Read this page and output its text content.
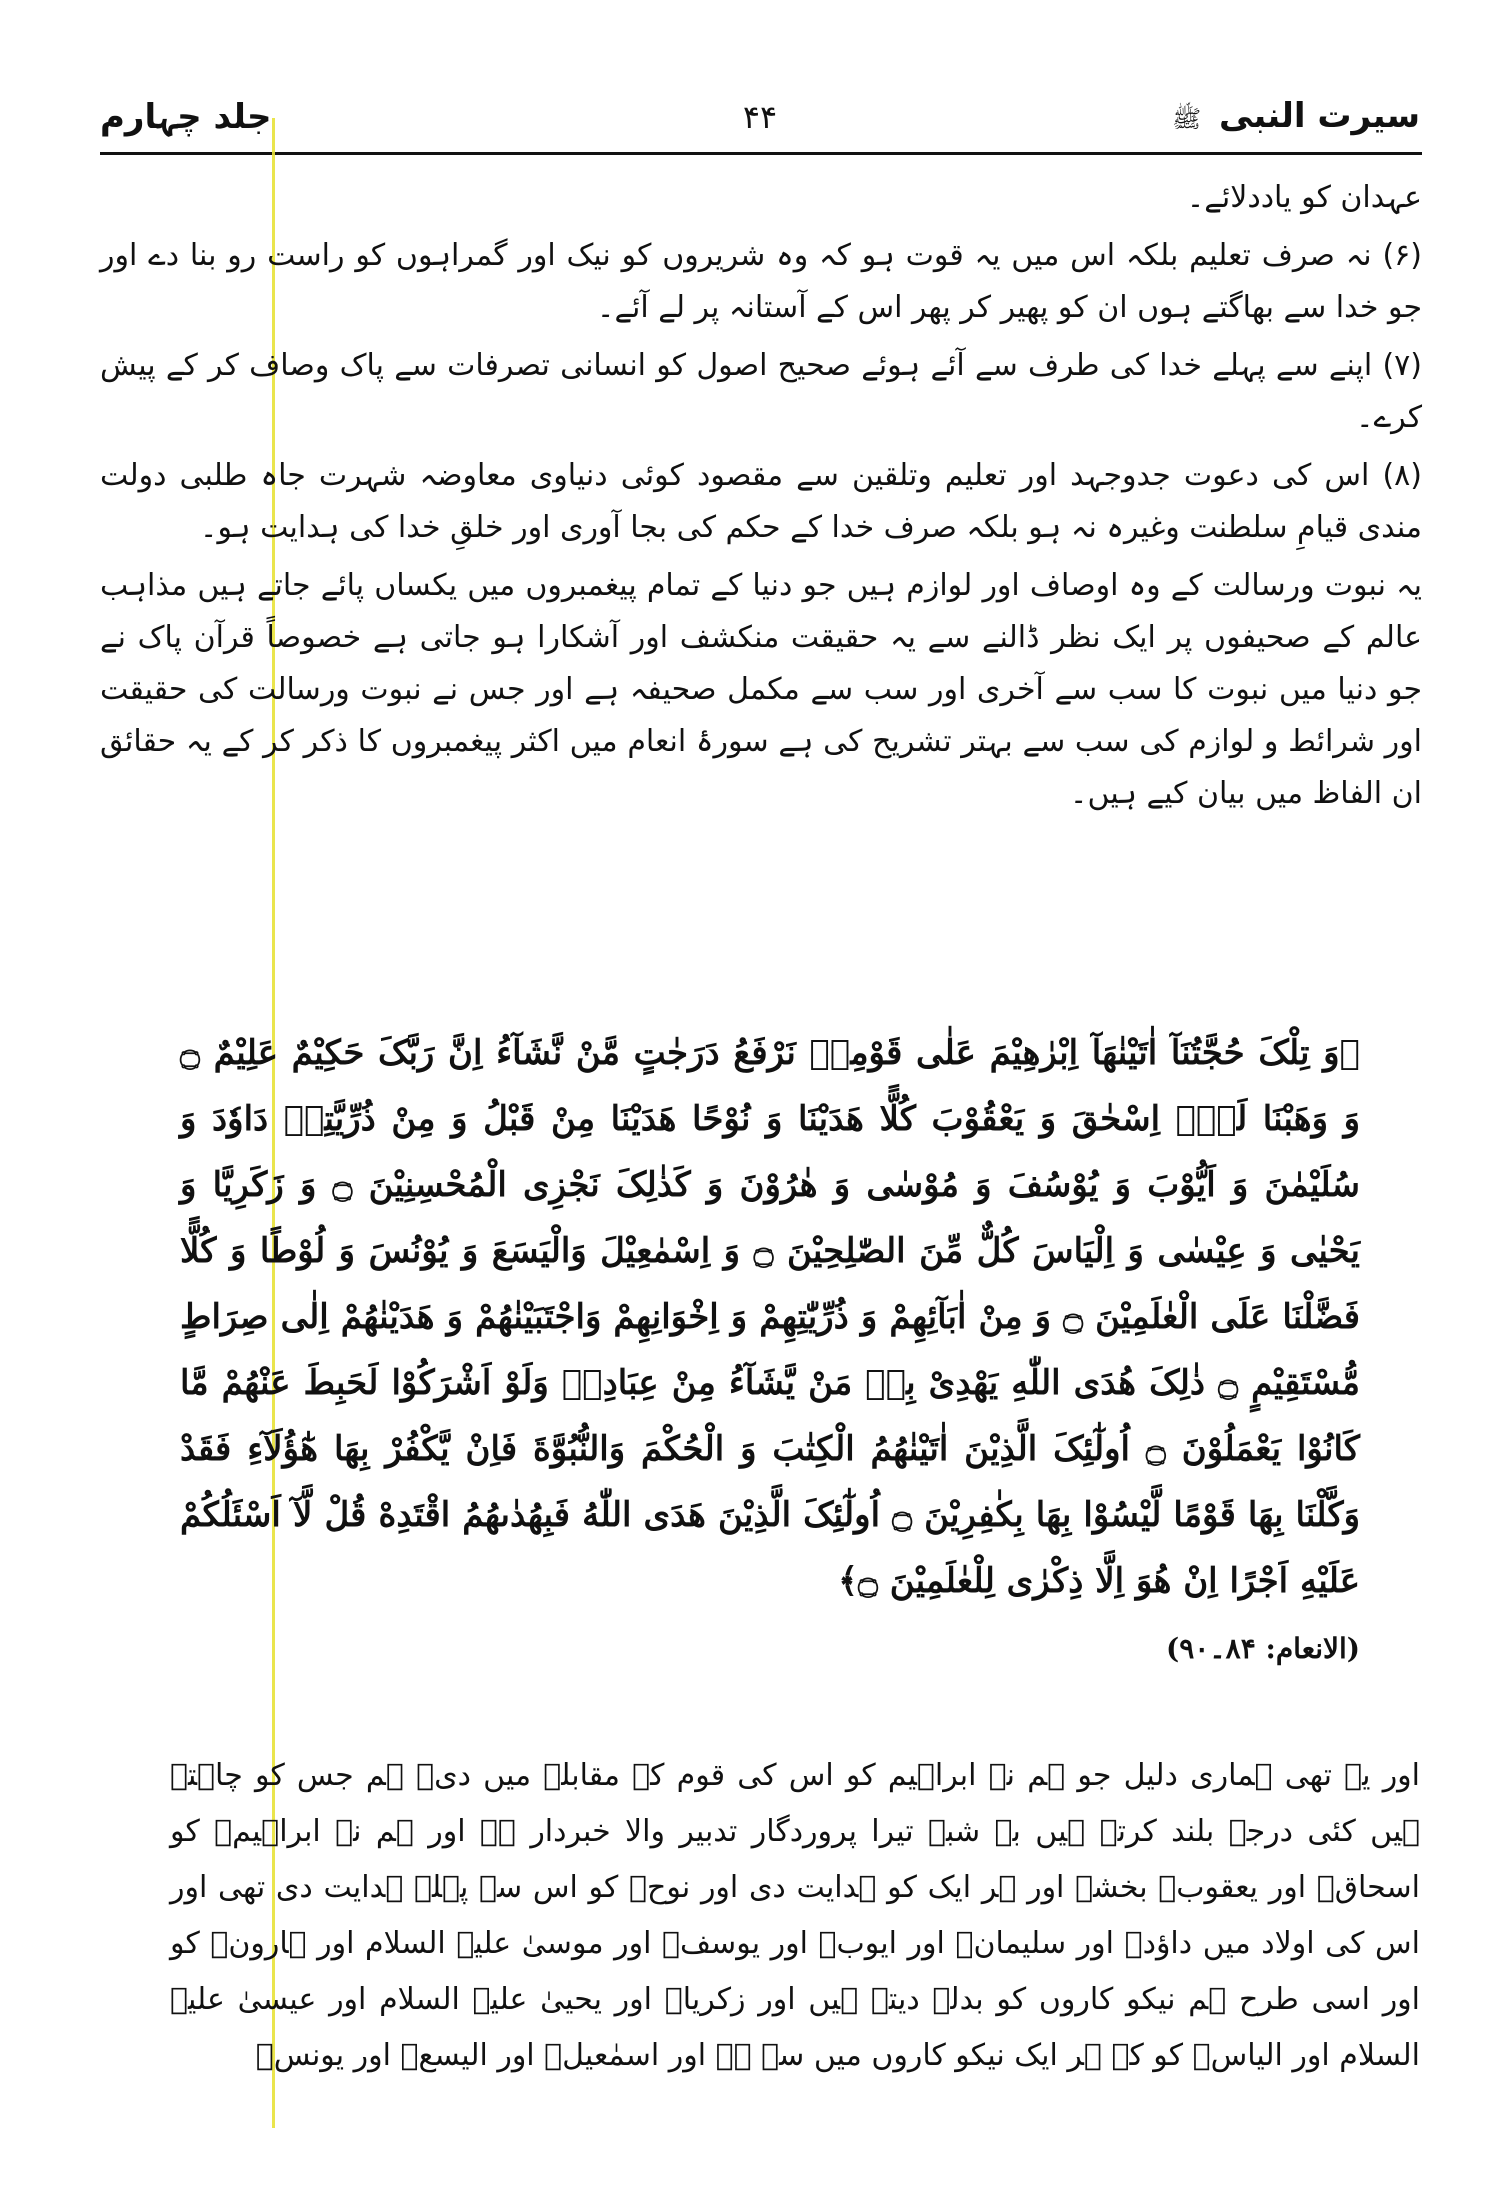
سیرت النبی ﷺ
۴۴
جلد چہارم

عہدان کو یاددلائے۔

(۶) نہ صرف تعلیم بلکہ اس میں یہ قوت ہو کہ وہ شریروں کو نیک اور گمراہوں کو راست رو بنا دے اور جو خدا سے بھاگتے ہوں ان کو پھیر کر پھر اس کے آستانہ پر لے آئے۔

(۷) اپنے سے پہلے خدا کی طرف سے آئے ہوئے صحیح اصول کو انسانی تصرفات سے پاک وصاف کر کے پیش کرے۔

(۸) اس کی دعوت جدوجہد اور تعلیم وتلقین سے مقصود کوئی دنیاوی معاوضہ شہرت جاہ طلبی دولت مندی قیامِ سلطنت وغیرہ نہ ہو بلکہ صرف خدا کے حکم کی بجا آوری اور خلقِ خدا کی ہدایت ہو۔

یہ نبوت ورسالت کے وہ اوصاف اور لوازم ہیں جو دنیا کے تمام پیغمبروں میں یکساں پائے جاتے ہیں مذاہب عالم کے صحیفوں پر ایک نظر ڈالنے سے یہ حقیقت منکشف اور آشکارا ہو جاتی ہے خصوصاً قرآن پاک نے جو دنیا میں نبوت کا سب سے آخری اور سب سے مکمل صحیفہ ہے اور جس نے نبوت ورسالت کی حقیقت اور شرائط و لوازم کی سب سے بہتر تشریح کی ہے سورۂ انعام میں اکثر پیغمبروں کا ذکر کر کے یہ حقائق ان الفاظ میں بیان کیے ہیں۔

﴿وَ تِلْکَ حُجَّتُنَآ اٰتَیْنٰھَآ اِبْرٰھِیْمَ عَلٰی قَوْمِهٖ نَرْفَعُ دَرَجٰتٍ مَّنْ نَّشَآءُ اِنَّ رَبَّکَ حَکِیْمٌ عَلِیْمٌ ۝ وَ وَھَبْنَا لَهٗۤ اِسْحٰقَ وَ یَعْقُوْبَ کُلًّا ھَدَیْنَا وَ نُوْحًا ھَدَیْنَا مِنْ قَبْلُ وَ مِنْ ذُرِّیَّتِهٖ دَاوٗدَ وَ سُلَیْمٰنَ وَ اَیُّوْبَ وَ یُوْسُفَ وَ مُوْسٰی وَ ھٰرُوْنَ وَ کَذٰلِکَ نَجْزِی الْمُحْسِنِیْنَ ۝ وَ زَکَرِیَّا وَ یَحْیٰی وَ عِیْسٰی وَ اِلْیَاسَ کُلٌّ مِّنَ الصّٰلِحِیْنَ ۝ وَ اِسْمٰعِیْلَ وَالْیَسَعَ وَ یُوْنُسَ وَ لُوْطًا وَ کُلًّا فَضَّلْنَا عَلَی الْعٰلَمِیْنَ ۝ وَ مِنْ اٰبَآئِهِمْ وَ ذُرِّیّٰتِهِمْ وَ اِخْوَانِهِمْ وَاجْتَبَیْنٰھُمْ وَ ھَدَیْنٰھُمْ اِلٰی صِرَاطٍ مُّسْتَقِیْمٍ ۝ ذٰلِکَ ھُدَی اللّٰهِ یَھْدِیْ بِهٖ مَنْ یَّشَآءُ مِنْ عِبَادِهٖ وَلَوْ اَشْرَکُوْا لَحَبِطَ عَنْھُمْ مَّا کَانُوْا یَعْمَلُوْنَ ۝ اُولٰٓئِکَ الَّذِیْنَ اٰتَیْنٰھُمُ الْکِتٰبَ وَ الْحُکْمَ وَالنُّبُوَّةَ فَاِنْ یَّکْفُرْ بِھَا ھٰٓؤُلَآءِ فَقَدْ وَکَّلْنَا بِھَا قَوْمًا لَّیْسُوْا بِھَا بِکٰفِرِیْنَ ۝ اُولٰٓئِکَ الَّذِیْنَ ھَدَی اللّٰهُ فَبِھُدٰىھُمُ اقْتَدِهْ قُلْ لَّآ اَسْئَلُکُمْ عَلَیْهِ اَجْرًا اِنْ ھُوَ اِلَّا ذِکْرٰی لِلْعٰلَمِیْنَ ۝﴾
(الانعام: ۸۴۔۹۰)
اور یہ تھی ہماری دلیل جو ہم نے ابراہیم کو اس کی قوم کے مقابلہ میں دی۔ ہم جس کو چاہتے ہیں کئی درجے بلند کرتے ہیں بے شبہ تیرا پروردگار تدبیر والا خبردار ہے اور ہم نے ابراہیمؑ کو اسحاقؑ اور یعقوبؑ بخشے اور ہر ایک کو ہدایت دی اور نوحؑ کو اس سے پہلے ہدایت دی تھی اور اس کی اولاد میں داؤدؑ اور سلیمانؑ اور ایوبؑ اور یوسفؑ اور موسیٰ علیہ السلام اور ہارونؑ کو اور اسی طرح ہم نیکو کاروں کو بدلہ دیتے ہیں اور زکریاؑ اور یحییٰ علیہ السلام اور عیسیٰ علیہ السلام اور الیاسؑ کو کہ ہر ایک نیکو کاروں میں سے ہے اور اسمٰعیلؑ اور الیسعؑ اور یونسؑ
